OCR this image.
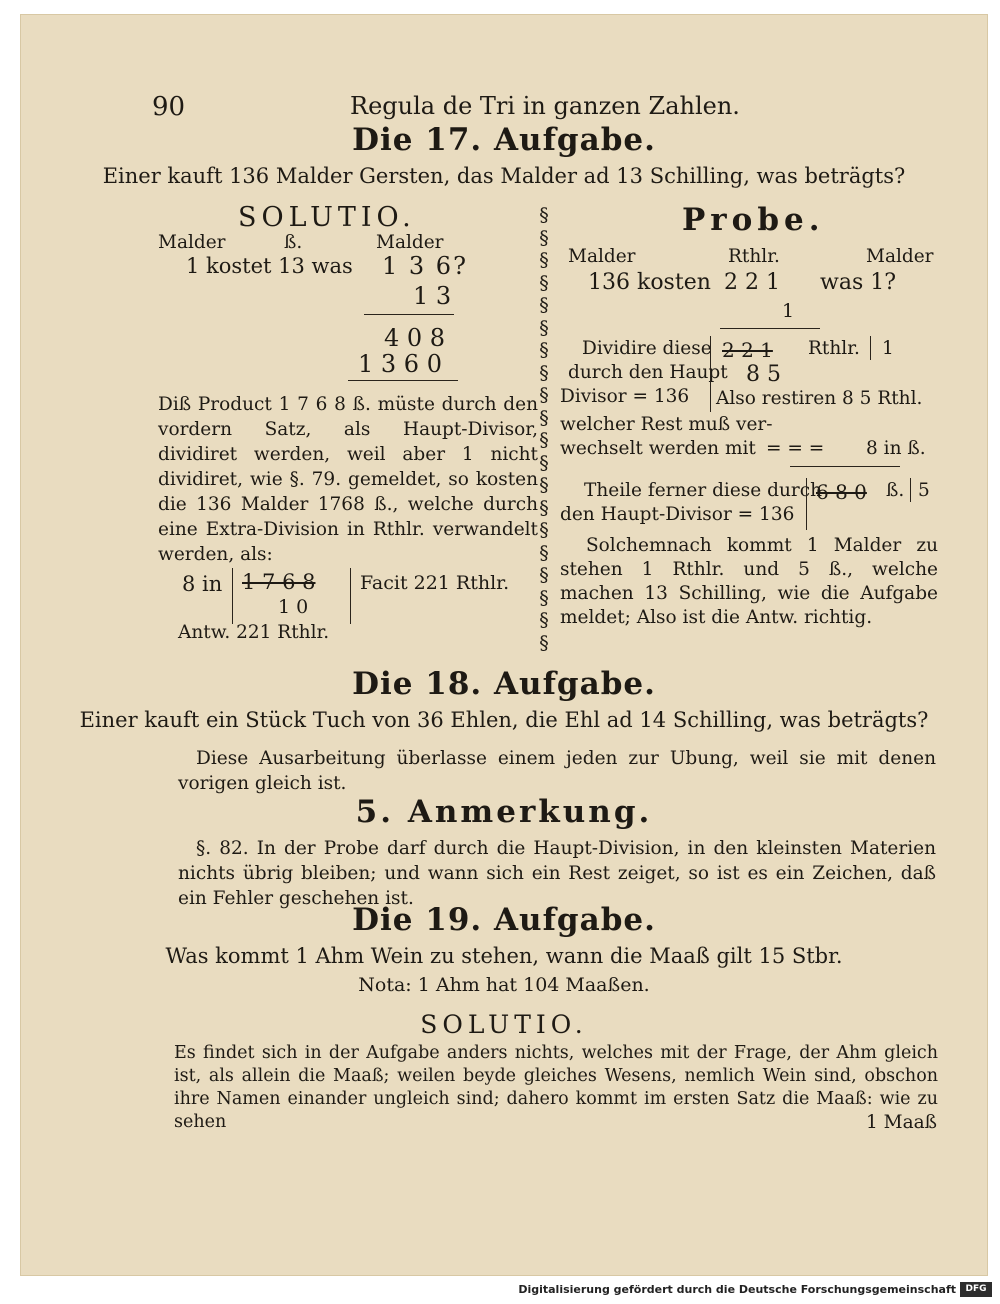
90	Regula de Tri in ganzen Zahlen.
Die 17. Aufgabe.
Einer kauft 136 Malder Gersten, das Malder ad 13 Schilling, was beträgts?
SOLUTIO.
Malder	ß.	Malder
1 kostet 13 was 1 3 6?
1 3
4 0 8
1 3 6 0
Diß Product 1 7 6 8 ß. müste durch den vordern Satz, als Haupt-Divisor, dividiret werden, weil aber 1 nicht dividiret, wie §. 79. gemeldet, so kosten die 136 Malder 1768 ß., welche durch eine Extra-Division in Rthlr. verwandelt werden, als:
8 in 1 7 6 8
1 0
Facit 221 Rthlr.
Antw. 221 Rthlr.
§
§
§
§
§
§
§
§
§
§
§
§
§
§
§
§
§
§
§
§
Probe.
Malder	Rthlr.	Malder
136 kosten 2 2 1 was 1?
1
Dividire diese
durch den Haupt
Divisor = 136
2 2 1 Rthlr. 1
8 5
Also restiren 8 5 Rthl.
welcher Rest muß ver-
wechselt werden mit = = = 8 in ß.
Theile ferner diese durch
den Haupt-Divisor = 136
6 8 0 ß. 5
Solchemnach kommt 1 Malder zu stehen 1 Rthlr. und 5 ß., welche machen 13 Schilling, wie die Aufgabe meldet; Also ist die Antw. richtig.
Die 18. Aufgabe.
Einer kauft ein Stück Tuch von 36 Ehlen, die Ehl ad 14 Schilling, was beträgts?
Diese Ausarbeitung überlasse einem jeden zur Ubung, weil sie mit denen vorigen gleich ist.
5. Anmerkung.
§. 82. In der Probe darf durch die Haupt-Division, in den kleinsten Materien nichts übrig bleiben; und wann sich ein Rest zeiget, so ist es ein Zeichen, daß ein Fehler geschehen ist.
Die 19. Aufgabe.
Was kommt 1 Ahm Wein zu stehen, wann die Maaß gilt 15 Stbr.
Nota: 1 Ahm hat 104 Maaßen.
SOLUTIO.
Es findet sich in der Aufgabe anders nichts, welches mit der Frage, der Ahm gleich ist, als allein die Maaß; weilen beyde gleiches Wesens, nemlich Wein sind, obschon ihre Namen einander ungleich sind; dahero kommt im ersten Satz die Maaß: wie zu sehen	1 Maaß
Digitalisierung gefördert durch die Deutsche Forschungsgemeinschaft	DFG
